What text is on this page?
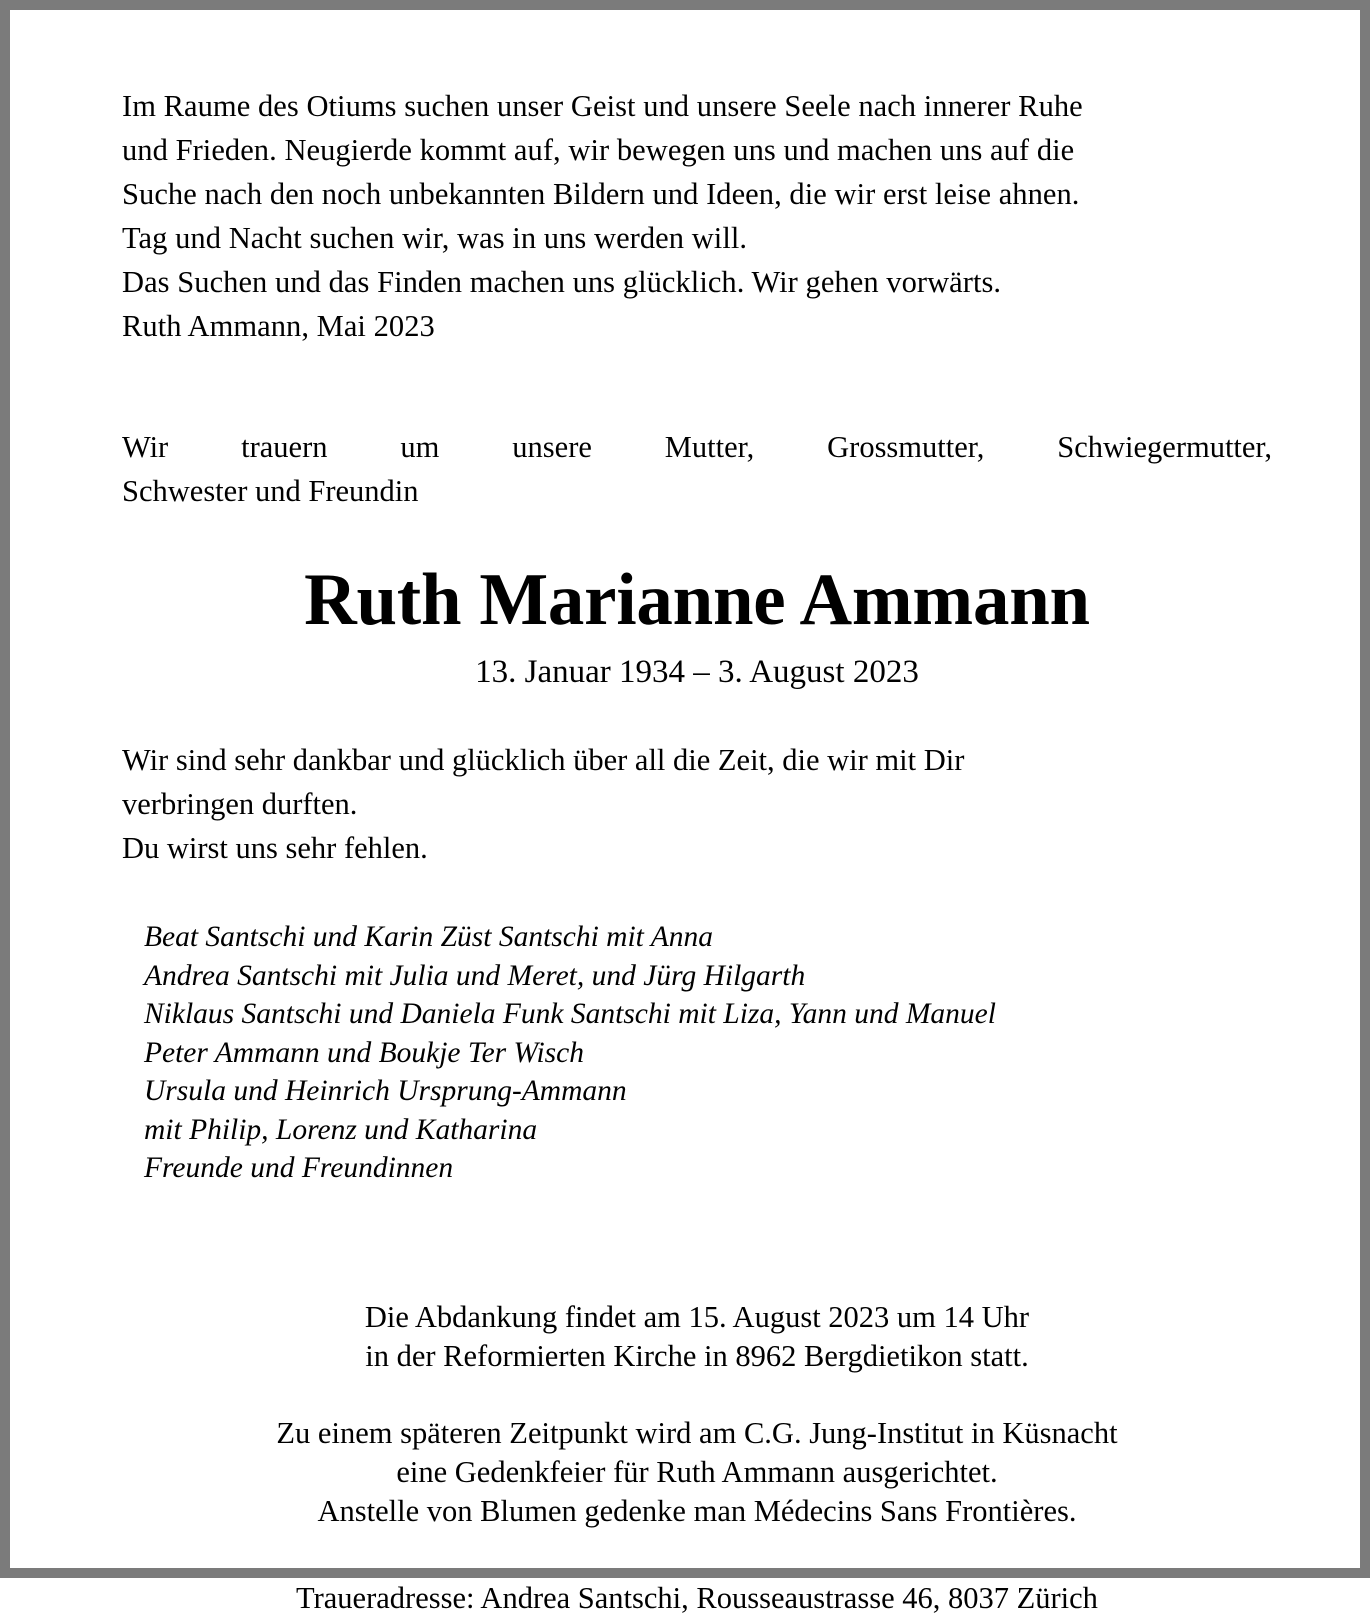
Im Raume des Otiums suchen unser Geist und unsere Seele nach innerer Ruhe
und Frieden. Neugierde kommt auf, wir bewegen uns und machen uns auf die
Suche nach den noch unbekannten Bildern und Ideen, die wir erst leise ahnen.
Tag und Nacht suchen wir, was in uns werden will.
Das Suchen und das Finden machen uns glücklich. Wir gehen vorwärts.
Ruth Ammann, Mai 2023
Wir trauern um unsere Mutter, Grossmutter, Schwiegermutter,
Schwester und Freundin
Ruth Marianne Ammann
13. Januar 1934 – 3. August 2023
Wir sind sehr dankbar und glücklich über all die Zeit, die wir mit Dir
verbringen durften.
Du wirst uns sehr fehlen.
Beat Santschi und Karin Züst Santschi mit Anna
Andrea Santschi mit Julia und Meret, und Jürg Hilgarth
Niklaus Santschi und Daniela Funk Santschi mit Liza, Yann und Manuel
Peter Ammann und Boukje Ter Wisch
Ursula und Heinrich Ursprung-Ammann
mit Philip, Lorenz und Katharina
Freunde und Freundinnen
Die Abdankung findet am 15. August 2023 um 14 Uhr
in der Reformierten Kirche in 8962 Bergdietikon statt.
Zu einem späteren Zeitpunkt wird am C.G. Jung-Institut in Küsnacht
eine Gedenkfeier für Ruth Ammann ausgerichtet.
Anstelle von Blumen gedenke man Médecins Sans Frontières.
Traueradresse: Andrea Santschi, Rousseaustrasse 46, 8037 Zürich
